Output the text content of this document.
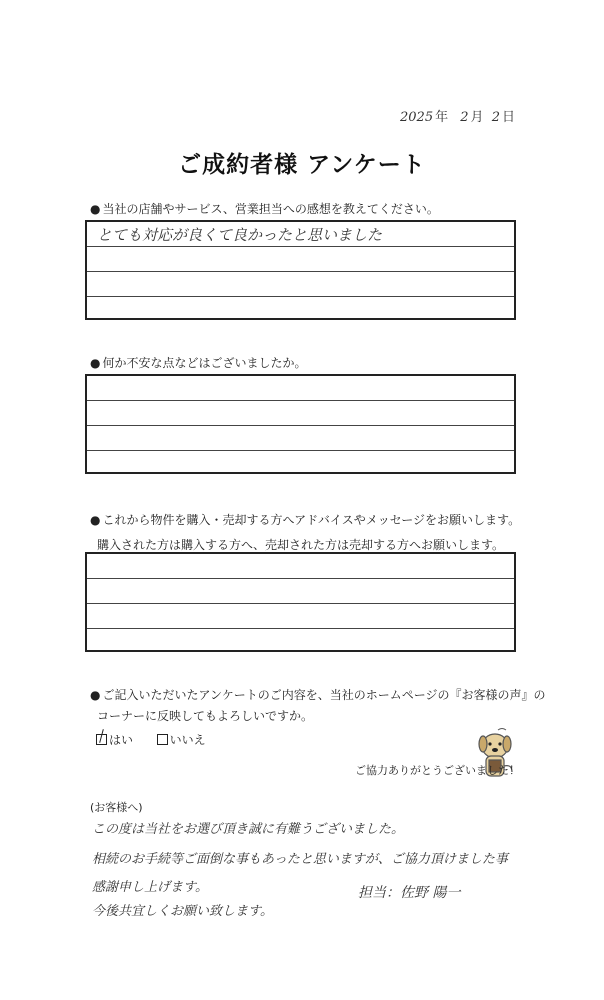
2025 年 2 月 2 日
ご成約者様 アンケート
● 当社の店舗やサービス、営業担当への感想を教えてください。
とても対応が良くて良かったと思いました
● 何か不安な点などはございましたか。
● これから物件を購入・売却する方へアドバイスやメッセージをお願いします。
購入された方は購入する方へ、売却された方は売却する方へお願いします。
● ご記入いただいたアンケートのご内容を、当社のホームページの『お客様の声』の
コーナーに反映してもよろしいですか。
はい	いいえ
ご協力ありがとうございました！
(お客様へ)
この度は当社をお選び頂き誠に有難うございました。
相続のお手続等ご面倒な事もあったと思いますが、ご協力頂けました事
感謝申し上げます。
今後共宜しくお願い致します。
担当：佐野 陽一
